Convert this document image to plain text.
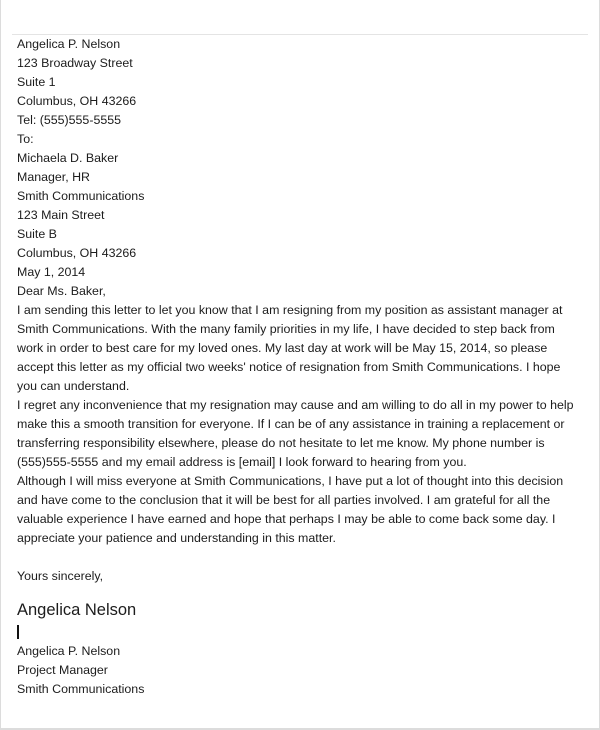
Angelica P. Nelson
123 Broadway Street
Suite 1
Columbus, OH 43266
Tel: (555)555-5555
To:
Michaela D. Baker
Manager, HR
Smith Communications
123 Main Street
Suite B
Columbus, OH 43266
May 1, 2014
Dear Ms. Baker,
I am sending this letter to let you know that I am resigning from my position as assistant manager at Smith Communications. With the many family priorities in my life, I have decided to step back from work in order to best care for my loved ones. My last day at work will be May 15, 2014, so please accept this letter as my official two weeks' notice of resignation from Smith Communications. I hope you can understand.
I regret any inconvenience that my resignation may cause and am willing to do all in my power to help make this a smooth transition for everyone. If I can be of any assistance in training a replacement or transferring responsibility elsewhere, please do not hesitate to let me know. My phone number is (555)555-5555 and my email address is [email] I look forward to hearing from you.
Although I will miss everyone at Smith Communications, I have put a lot of thought into this decision and have come to the conclusion that it will be best for all parties involved. I am grateful for all the valuable experience I have earned and hope that perhaps I may be able to come back some day. I appreciate your patience and understanding in this matter.
Yours sincerely,
Angelica Nelson
Angelica P. Nelson
Project Manager
Smith Communications
